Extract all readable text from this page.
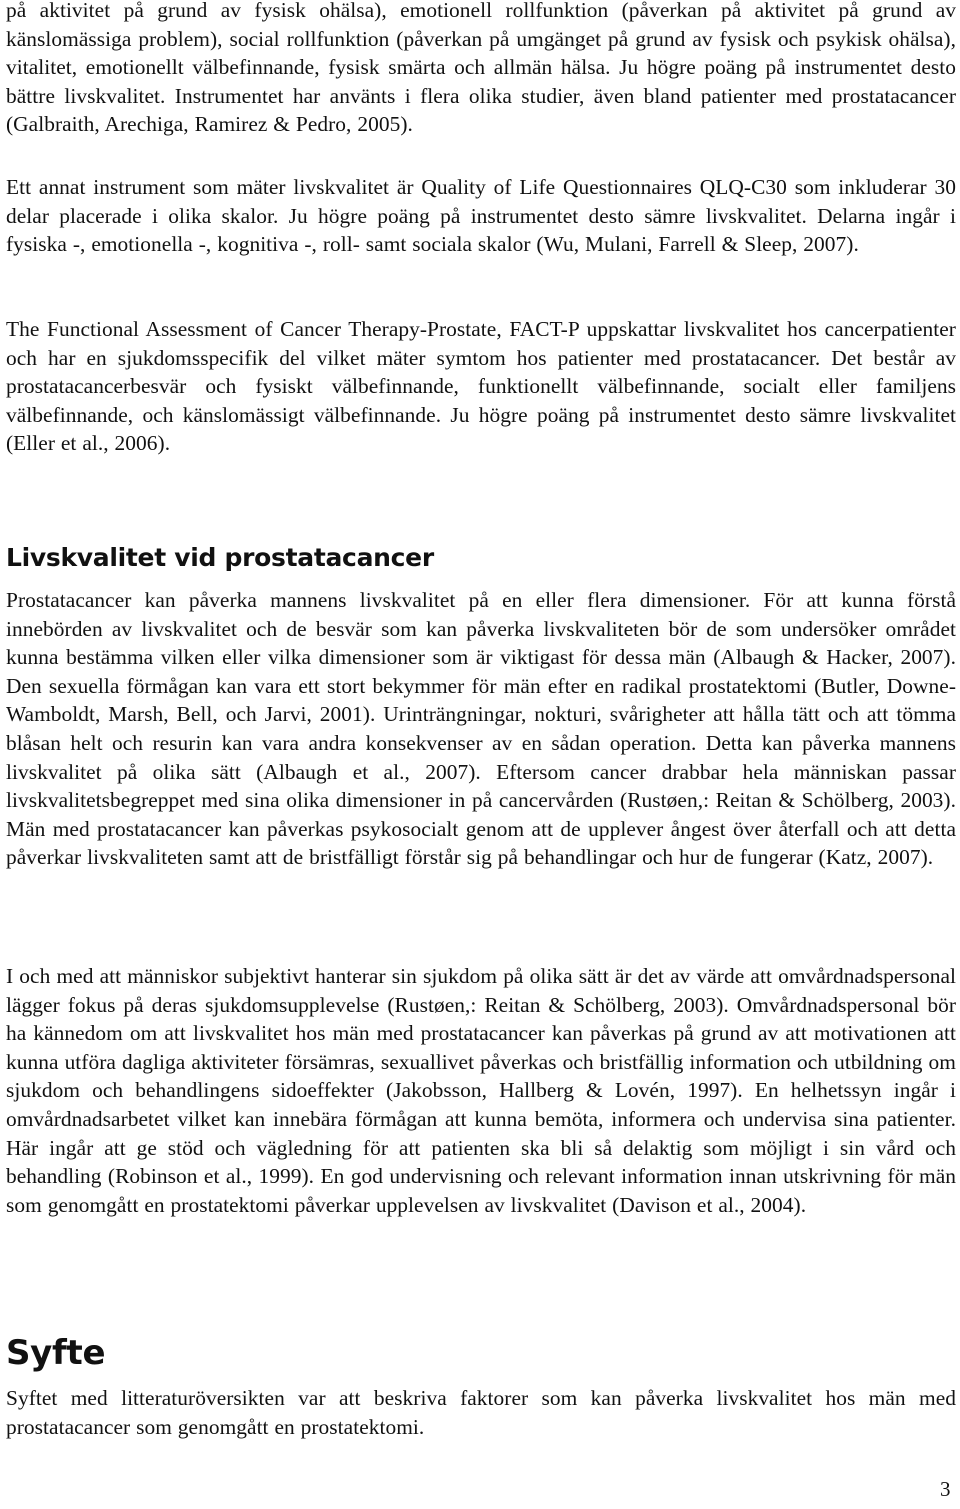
på aktivitet på grund av fysisk ohälsa), emotionell rollfunktion (påverkan på aktivitet på grund av känslomässiga problem), social rollfunktion (påverkan på umgänget på grund av fysisk och psykisk ohälsa), vitalitet, emotionellt välbefinnande, fysisk smärta och allmän hälsa. Ju högre poäng på instrumentet desto bättre livskvalitet. Instrumentet har använts i flera olika studier, även bland patienter med prostatacancer (Galbraith, Arechiga, Ramirez & Pedro, 2005).

Ett annat instrument som mäter livskvalitet är Quality of Life Questionnaires QLQ-C30 som inkluderar 30 delar placerade i olika skalor. Ju högre poäng på instrumentet desto sämre livskvalitet. Delarna ingår i fysiska -, emotionella -, kognitiva -, roll- samt sociala skalor (Wu, Mulani, Farrell & Sleep, 2007).

The Functional Assessment of Cancer Therapy-Prostate, FACT-P uppskattar livskvalitet hos cancerpatienter och har en sjukdomsspecifik del vilket mäter symtom hos patienter med prostatacancer. Det består av prostatacancerbesvär och fysiskt välbefinnande, funktionellt välbefinnande, socialt eller familjens välbefinnande, och känslomässigt välbefinnande. Ju högre poäng på instrumentet desto sämre livskvalitet (Eller et al., 2006).

Livskvalitet vid prostatacancer

Prostatacancer kan påverka mannens livskvalitet på en eller flera dimensioner. För att kunna förstå innebörden av livskvalitet och de besvär som kan påverka livskvaliteten bör de som undersöker området kunna bestämma vilken eller vilka dimensioner som är viktigast för dessa män (Albaugh & Hacker, 2007). Den sexuella förmågan kan vara ett stort bekymmer för män efter en radikal prostatektomi (Butler, Downe-Wamboldt, Marsh, Bell, och Jarvi, 2001). Urinträngningar, nokturi, svårigheter att hålla tätt och att tömma blåsan helt och resurin kan vara andra konsekvenser av en sådan operation. Detta kan påverka mannens livskvalitet på olika sätt (Albaugh et al., 2007). Eftersom cancer drabbar hela människan passar livskvalitetsbegreppet med sina olika dimensioner in på cancervården (Rustøen,: Reitan & Schölberg, 2003). Män med prostatacancer kan påverkas psykosocialt genom att de upplever ångest över återfall och att detta påverkar livskvaliteten samt att de bristfälligt förstår sig på behandlingar och hur de fungerar (Katz, 2007).

I och med att människor subjektivt hanterar sin sjukdom på olika sätt är det av värde att omvårdnadspersonal lägger fokus på deras sjukdomsupplevelse (Rustøen,: Reitan & Schölberg, 2003). Omvårdnadspersonal bör ha kännedom om att livskvalitet hos män med prostatacancer kan påverkas på grund av att motivationen att kunna utföra dagliga aktiviteter försämras, sexuallivet påverkas och bristfällig information och utbildning om sjukdom och behandlingens sidoeffekter (Jakobsson, Hallberg & Lovén, 1997). En helhetssyn ingår i omvårdnadsarbetet vilket kan innebära förmågan att kunna bemöta, informera och undervisa sina patienter. Här ingår att ge stöd och vägledning för att patienten ska bli så delaktig som möjligt i sin vård och behandling (Robinson et al., 1999). En god undervisning och relevant information innan utskrivning för män som genomgått en prostatektomi påverkar upplevelsen av livskvalitet (Davison et al., 2004).

Syfte

Syftet med litteraturöversikten var att beskriva faktorer som kan påverka livskvalitet hos män med prostatacancer som genomgått en prostatektomi.

3
